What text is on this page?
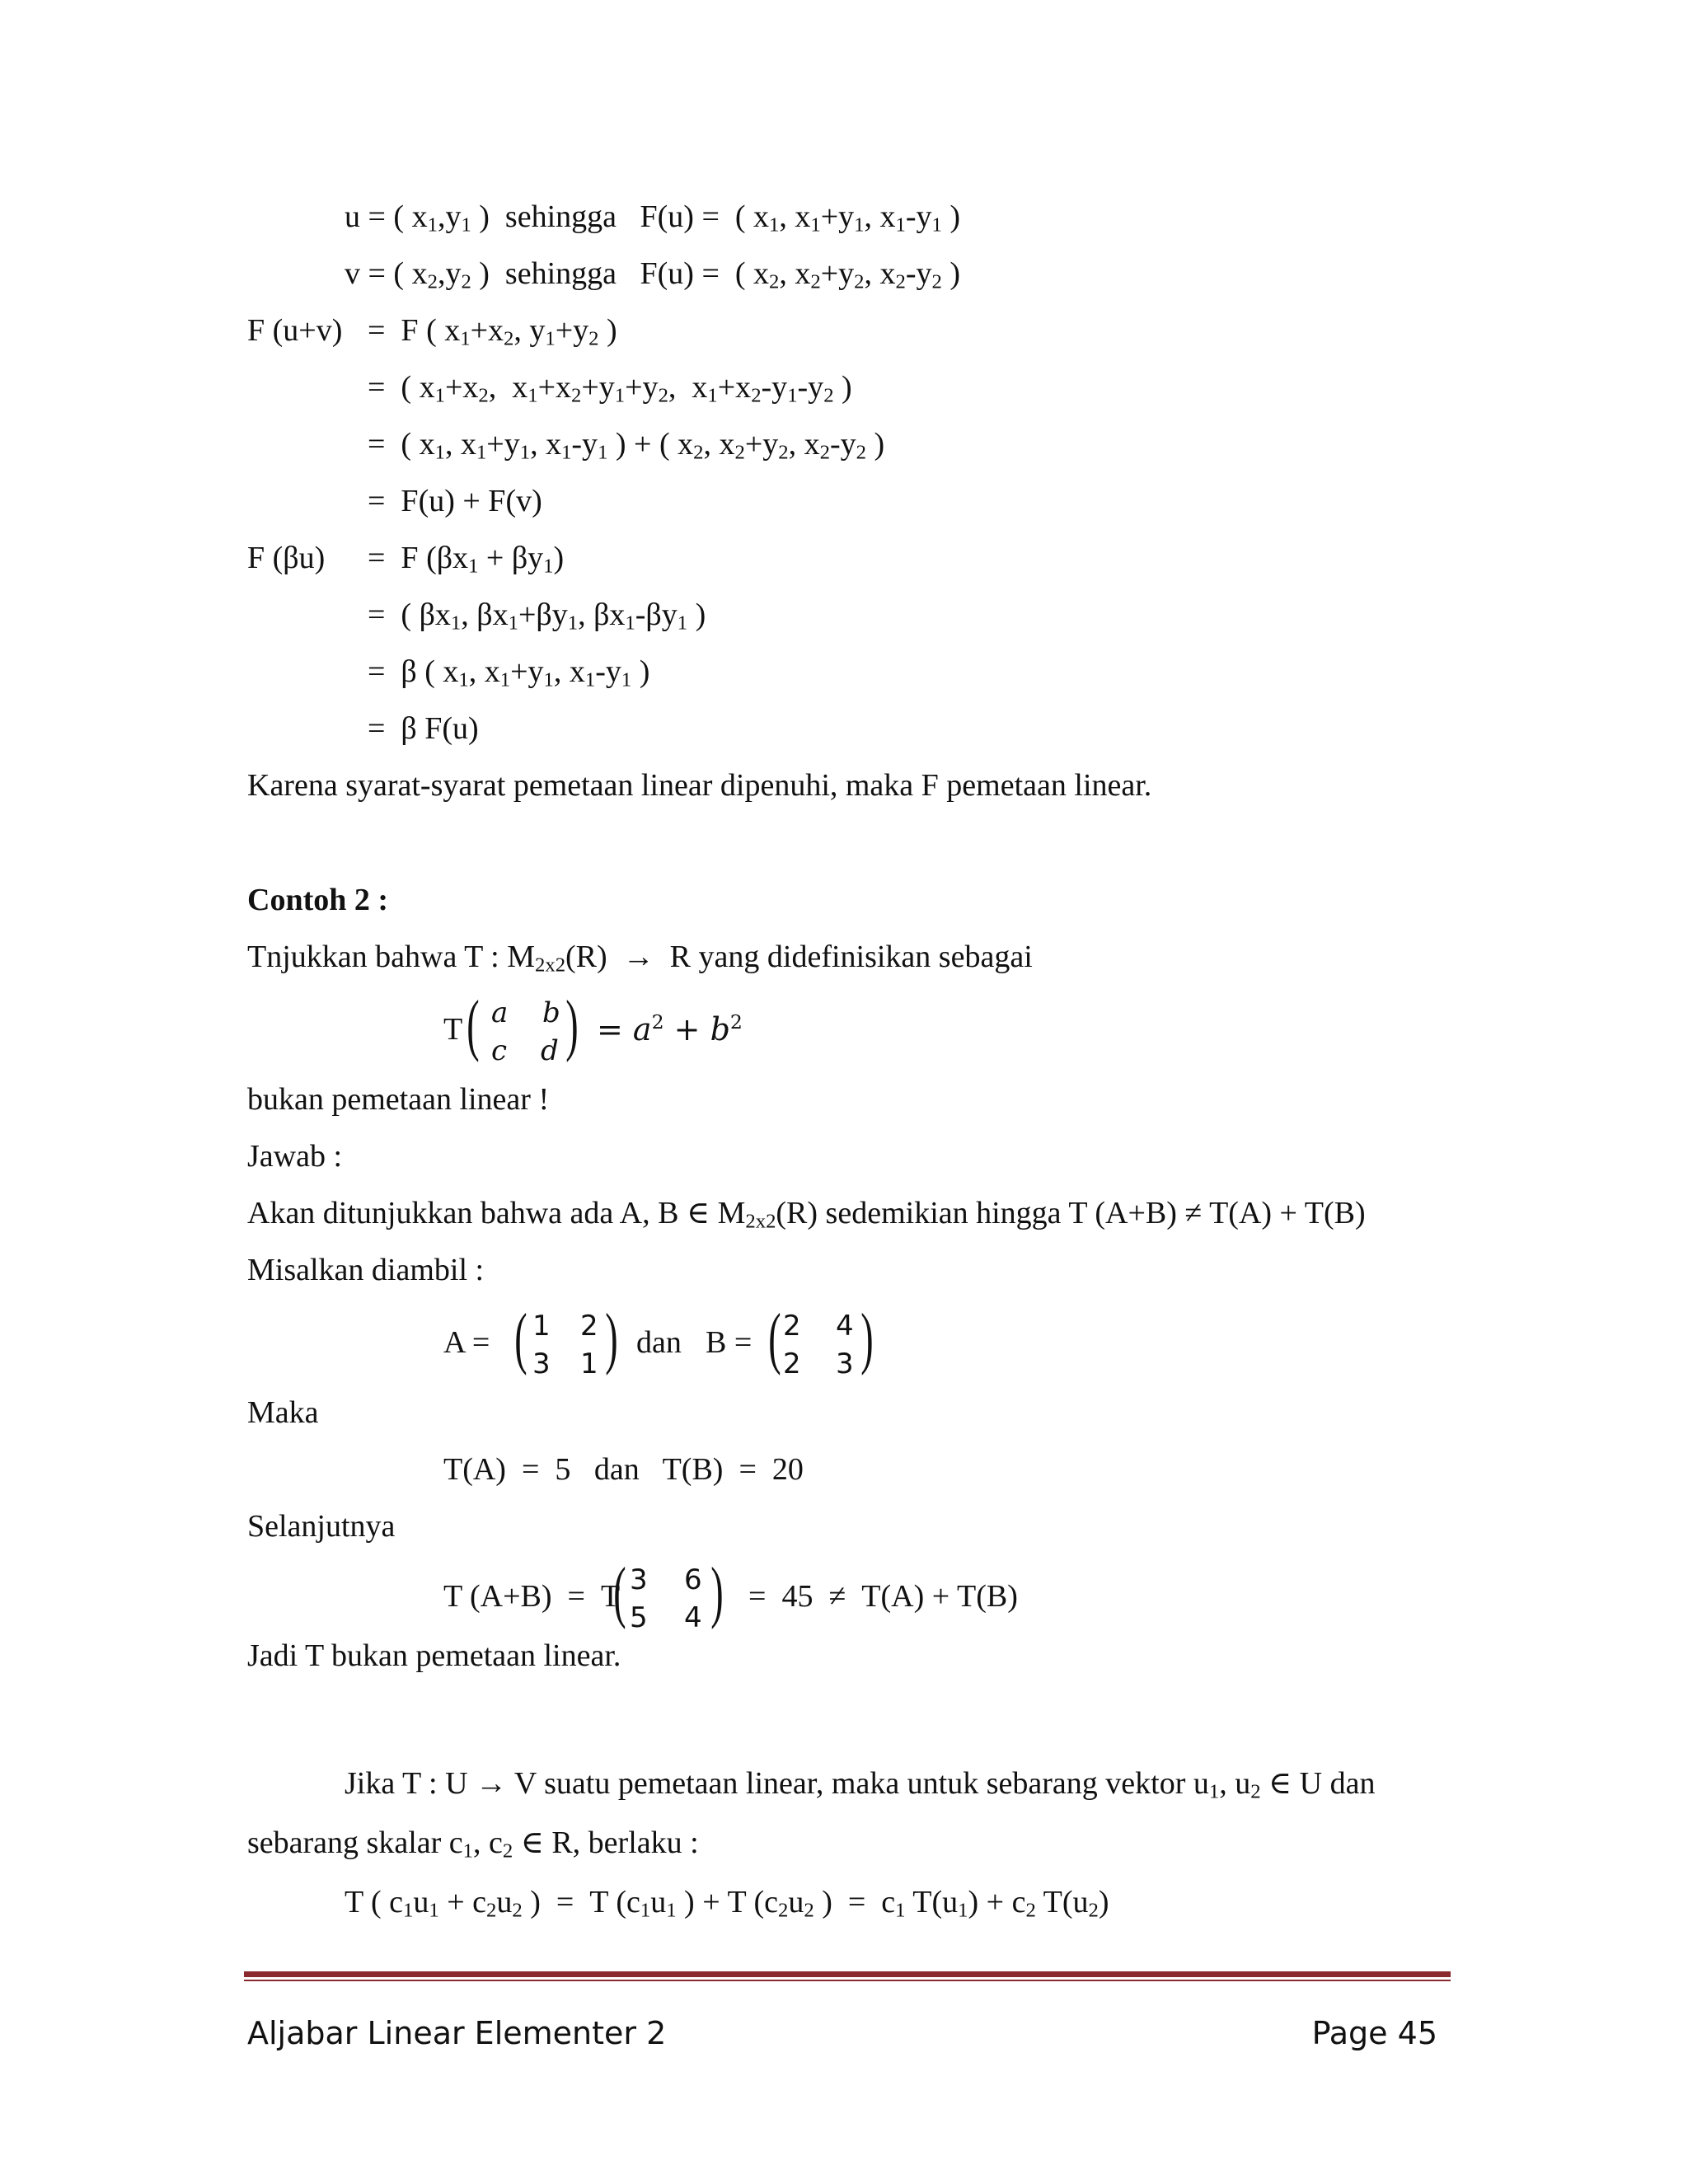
u = ( $x_1,y_1$ )  sehingga   F(u) =  ( $x_1$, $x_1+y_1$, $x_1-y_1$ )
v = ( $x_2,y_2$ )  sehingga   F(u) =  ( $x_2$, $x_2+y_2$, $x_2-y_2$ )
F (u+v) =  F ( $x_1+x_2$, $y_1+y_2$ )
=  ( $x_1+x_2$,  $x_1+x_2+y_1+y_2$,  $x_1+x_2-y_1-y_2$ )
=  ( $x_1$, $x_1+y_1$, $x_1-y_1$ ) + ( $x_2$, $x_2+y_2$, $x_2-y_2$ )
=  F(u) + F(v)
F (βu) =  F $(\beta x_1 + \beta y_1)$
=  ( $\beta x_1$, $\beta x_1+\beta y_1$, $\beta x_1-\beta y_1$ )
=  β ( $x_1$, $x_1+y_1$, $x_1-y_1$ )
=  β F(u)
Karena syarat-syarat pemetaan linear dipenuhi, maka F pemetaan linear.
Contoh 2 :
Tnjukkan bahwa T : $M_{2x2}(R) \to R$ yang didefinisikan sebagai
T ( a b
c d ) = $a^2 + b^2$
bukan pemetaan linear !
Jawab :
Akan ditunjukkan bahwa ada A, B ∈ $M_{2x2}(R)$ sedemikian hingga T (A+B) ≠ T(A) + T(B)
Misalkan diambil :
A = ( 1 2
3 1 ) dan B = ( 2 4
2 3 )
Maka
T(A)  =  5 dan   T(B)  =  20
Selanjutnya
T (A+B)  =  T
( 3 6
5 4 ) =  45  ≠  T(A) + T(B)
Jadi T bukan pemetaan linear.
Jika T : U → V suatu pemetaan linear, maka untuk sebarang vektor $u_1$, $u_2$ ∈ U dan
sebarang skalar $c_1$, $c_2$ ∈ R, berlaku :
T ( $c_1u_1 + c_2u_2$ )  =  T ($c_1u_1$ ) + T ($c_2u_2$ )  =  $c_1$ $T(u_1) + c_2$ $T(u_2)$
Aljabar Linear Elementer 2	Page 45
